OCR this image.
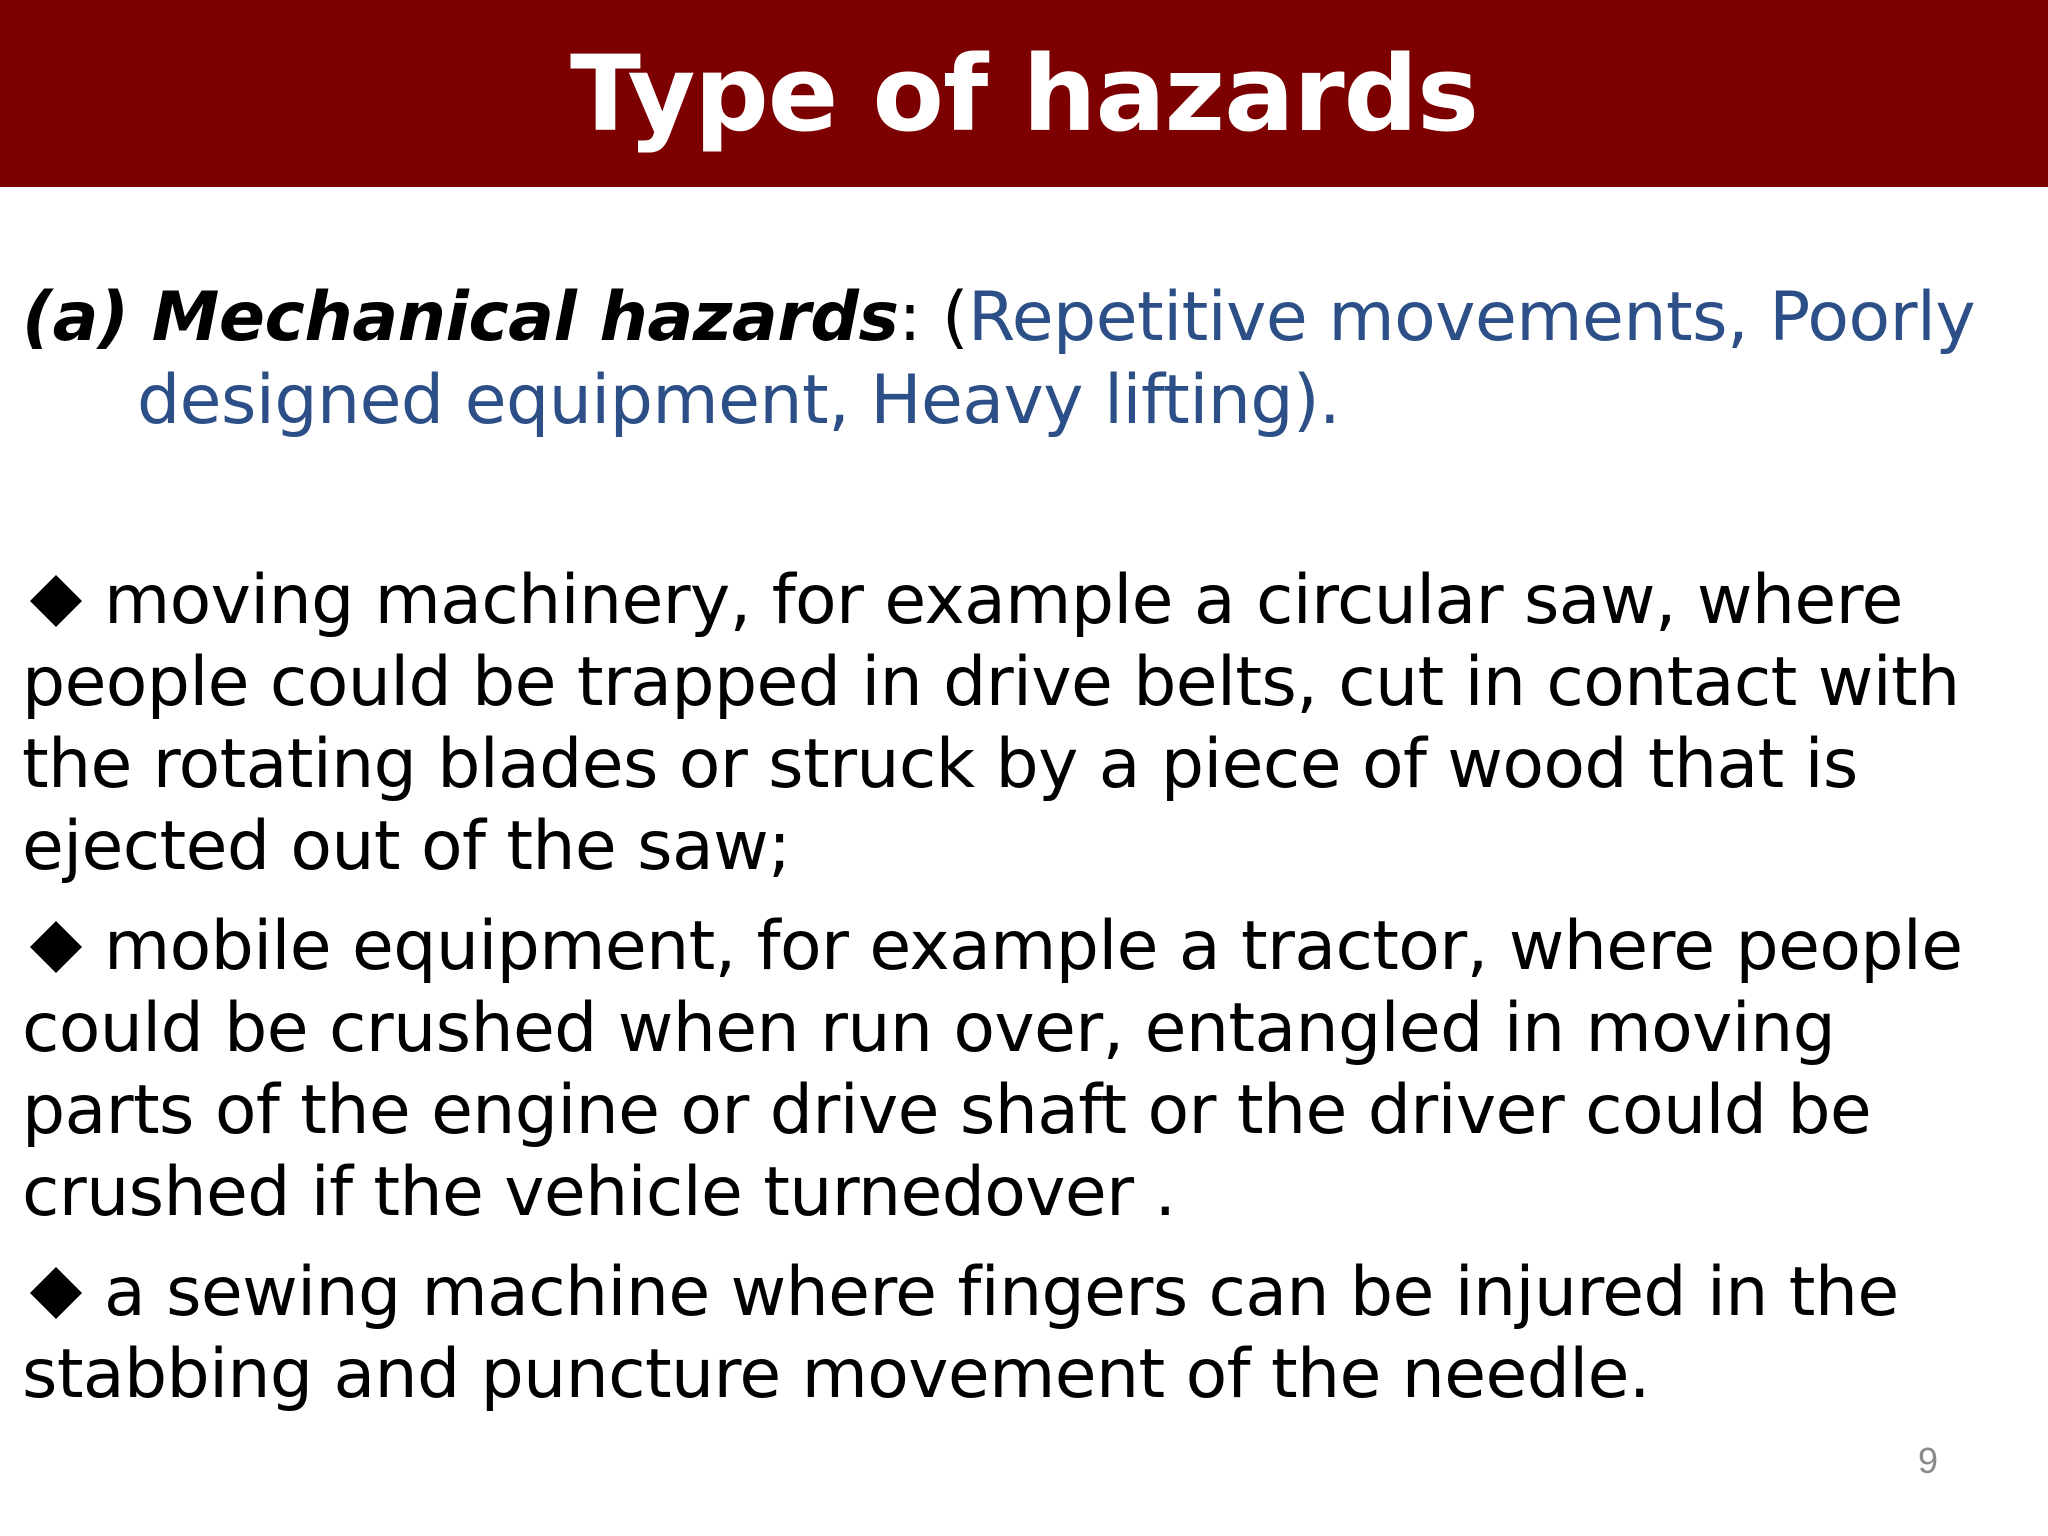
Type of hazards
(a) Mechanical hazards: (Repetitive movements, Poorly
designed equipment, Heavy lifting).
moving machinery, for example a circular saw, where people could be trapped in drive belts, cut in contact with the rotating blades or struck by a piece of wood that is ejected out of the saw;
mobile equipment, for example a tractor, where people could be crushed when run over, entangled in moving parts of the engine or drive shaft or the driver could be crushed if the vehicle turnedover .
a sewing machine where fingers can be injured in the stabbing and puncture movement of the needle.
9
